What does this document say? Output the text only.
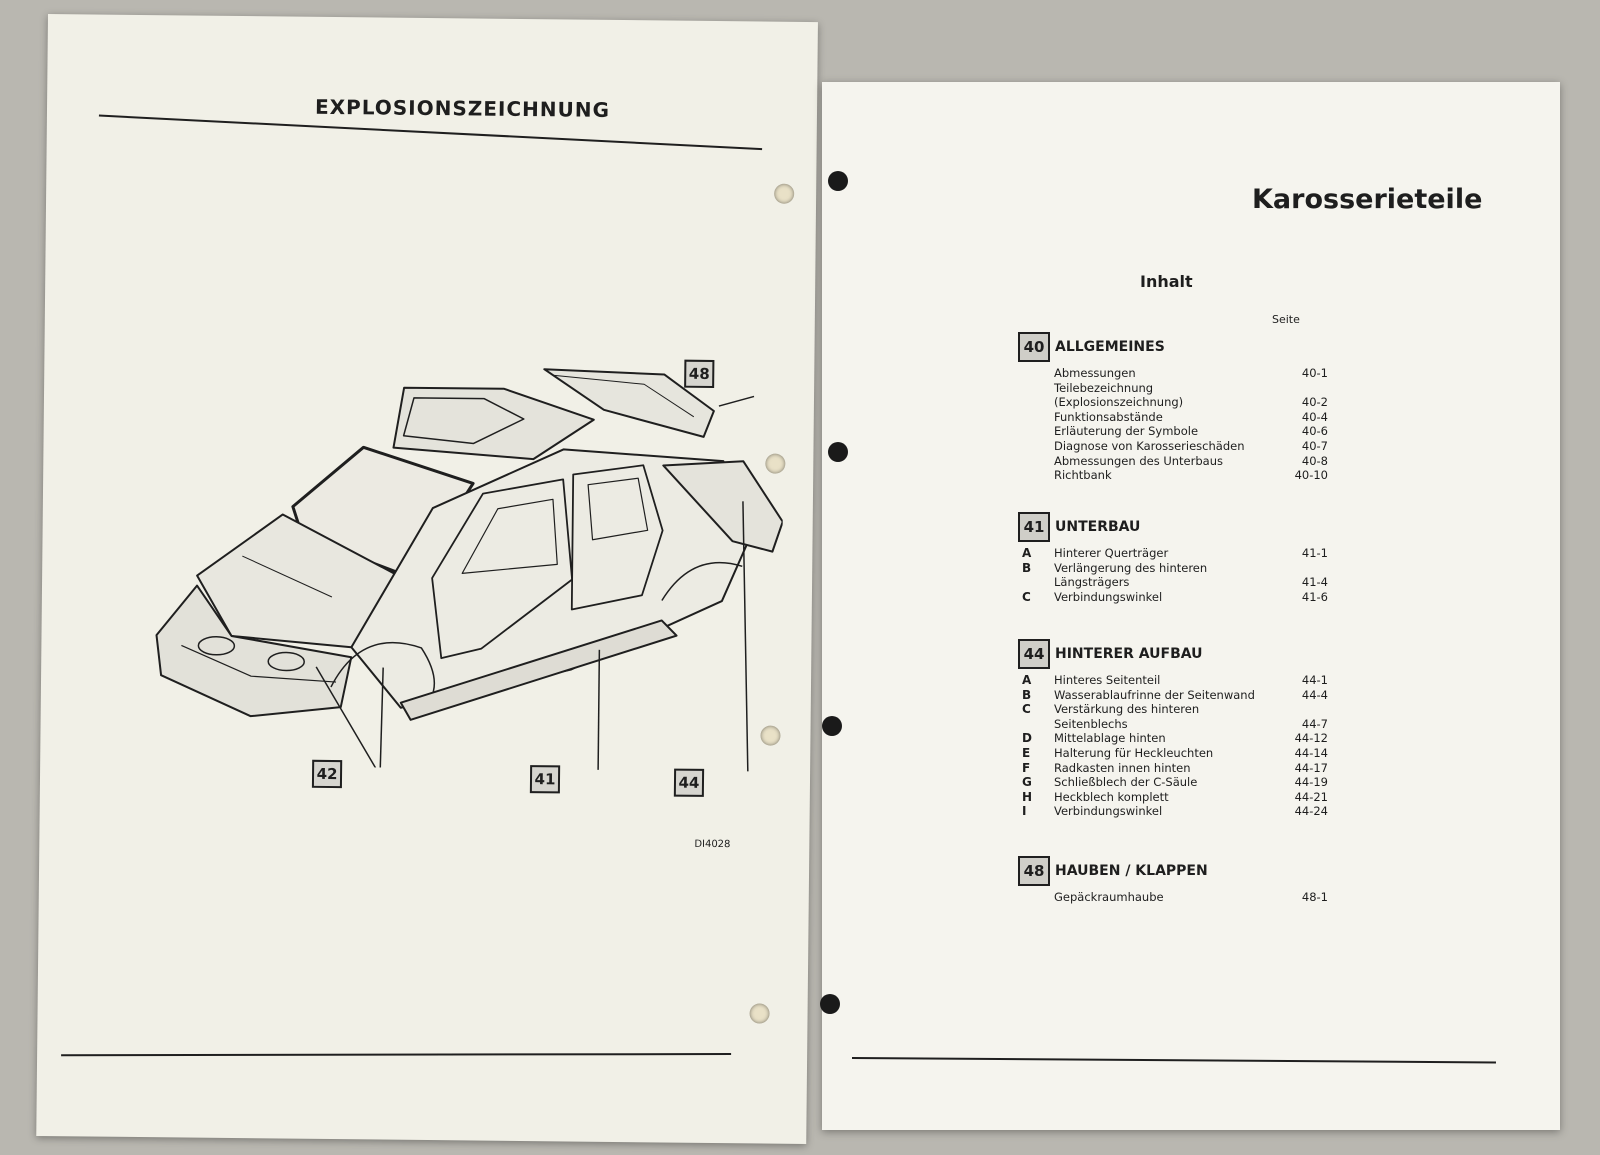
EXPLOSIONSZEICHNUNG
48
42	41	44
DI4028
Karosserieteile
Inhalt
Seite
40 ALLGEMEINES
Abmessungen	40-1
Teilebezeichnung
(Explosionszeichnung)	40-2
Funktionsabstände	40-4
Erläuterung der Symbole	40-6
Diagnose von Karosserieschäden	40-7
Abmessungen des Unterbaus	40-8
Richtbank	40-10
41 UNTERBAU
A	Hinterer Querträger	41-1
B	Verlängerung des hinteren
Längsträgers	41-4
C	Verbindungswinkel	41-6
44 HINTERER AUFBAU
A	Hinteres Seitenteil	44-1
B	Wasserablaufrinne der Seitenwand	44-4
C	Verstärkung des hinteren
Seitenblechs	44-7
D	Mittelablage hinten	44-12
E	Halterung für Heckleuchten	44-14
F	Radkasten innen hinten	44-17
G	Schließblech der C-Säule	44-19
H	Heckblech komplett	44-21
I	Verbindungswinkel	44-24
48 HAUBEN / KLAPPEN
Gepäckraumhaube	48-1
